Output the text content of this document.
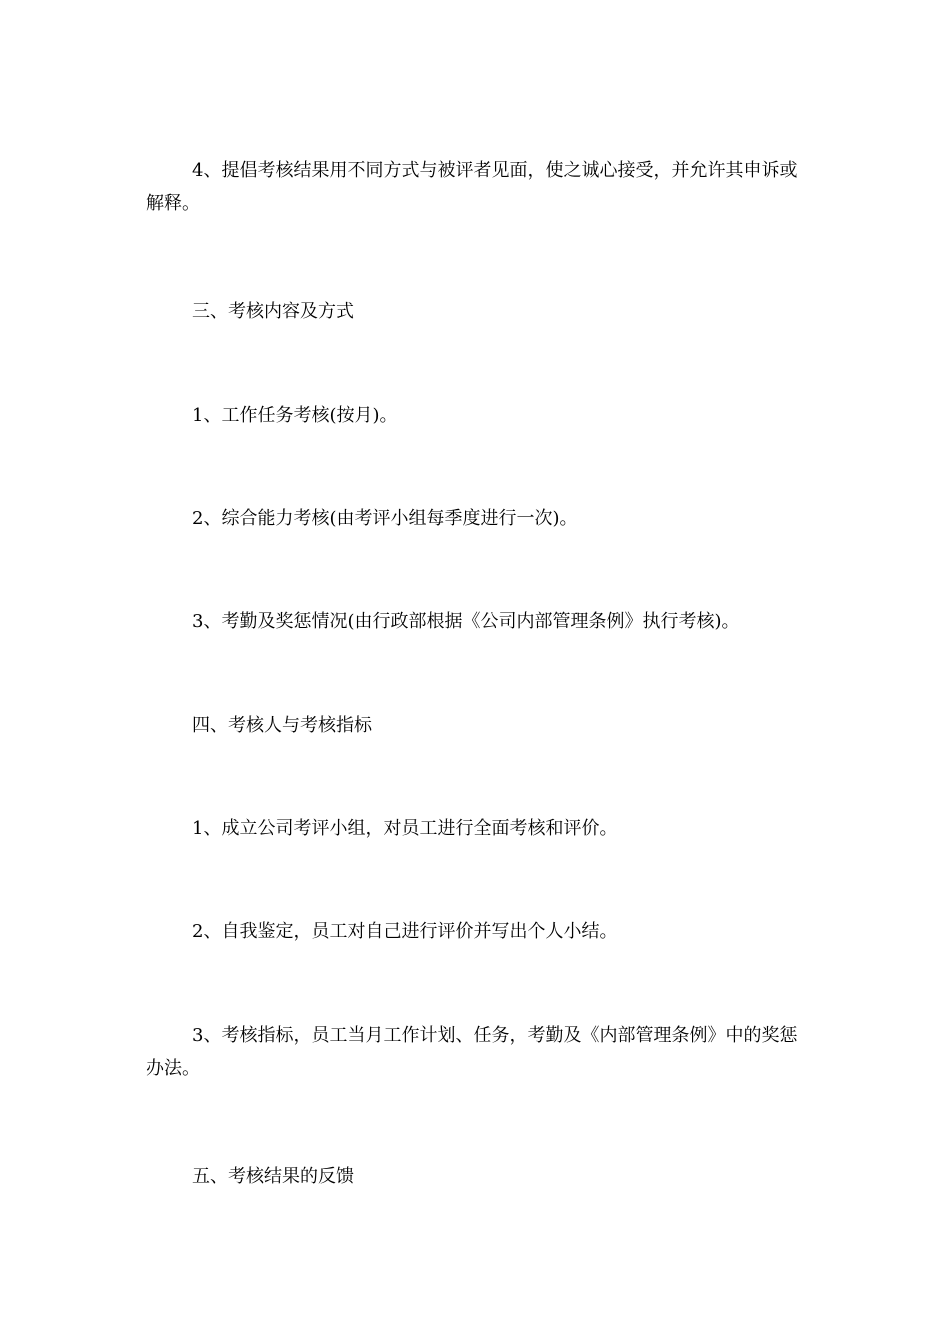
4、提倡考核结果用不同方式与被评者见面，使之诚心接受，并允许其申诉或解释。

三、考核内容及方式

1、工作任务考核(按月)。

2、综合能力考核(由考评小组每季度进行一次)。

3、考勤及奖惩情况(由行政部根据《公司内部管理条例》执行考核)。

四、考核人与考核指标

1、成立公司考评小组，对员工进行全面考核和评价。

2、自我鉴定，员工对自己进行评价并写出个人小结。

3、考核指标，员工当月工作计划、任务，考勤及《内部管理条例》中的奖惩办法。

五、考核结果的反馈
